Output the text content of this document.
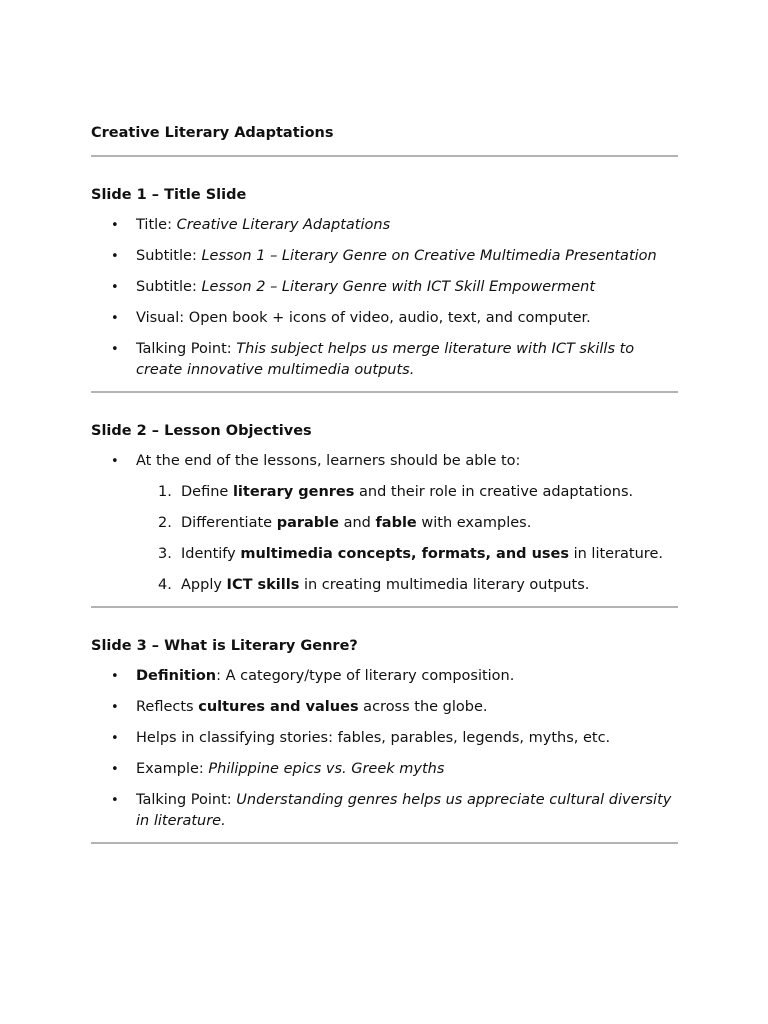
Creative Literary Adaptations

Slide 1 – Title Slide

• Title: Creative Literary Adaptations
• Subtitle: Lesson 1 – Literary Genre on Creative Multimedia Presentation
• Subtitle: Lesson 2 – Literary Genre with ICT Skill Empowerment
• Visual: Open book + icons of video, audio, text, and computer.
• Talking Point: This subject helps us merge literature with ICT skills to create innovative multimedia outputs.

Slide 2 – Lesson Objectives

• At the end of the lessons, learners should be able to:
1. Define literary genres and their role in creative adaptations.
2. Differentiate parable and fable with examples.
3. Identify multimedia concepts, formats, and uses in literature.
4. Apply ICT skills in creating multimedia literary outputs.

Slide 3 – What is Literary Genre?

• Definition: A category/type of literary composition.
• Reflects cultures and values across the globe.
• Helps in classifying stories: fables, parables, legends, myths, etc.
• Example: Philippine epics vs. Greek myths
• Talking Point: Understanding genres helps us appreciate cultural diversity in literature.
